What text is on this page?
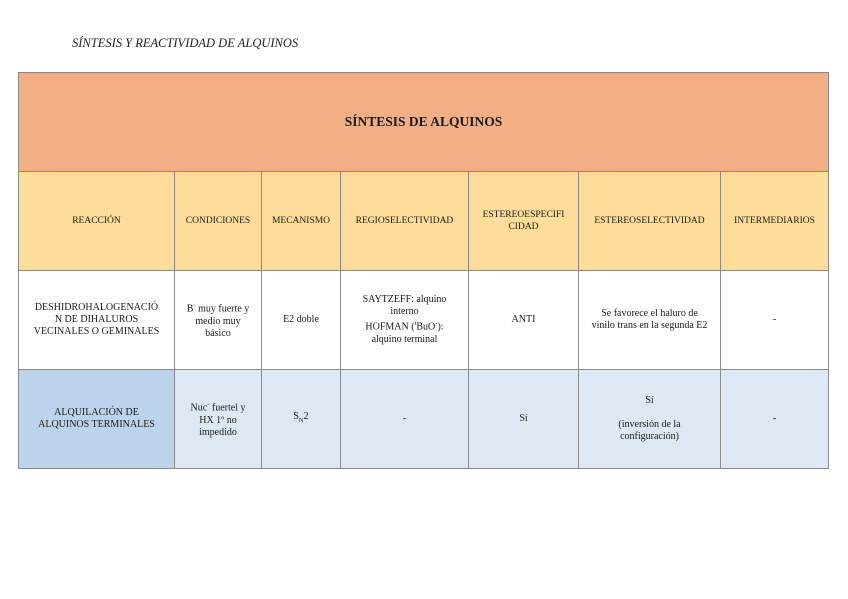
SÍNTESIS Y REACTIVIDAD DE ALQUINOS
SÍNTESIS DE ALQUINOS						
REACCIÓN	CONDICIONES	MECANISMO	REGIOSELECTIVIDAD	ESTEREOESPECIFI
CIDAD	ESTEREOSELECTIVIDAD	INTERMEDIARIOS
DESHIDROHALOGENACIÓ
N DE DIHALUROS
VECINALES O GEMINALES	B- muy fuerte y
medio muy
básico	E2 doble	SAYTZEFF: alquino
interno
HOFMAN ($^t$BuO-):
alquino terminal	ANTI	Se favorece el haluro de
vinilo trans en la segunda E2	-
ALQUILACIÓN DE
ALQUINOS TERMINALES	Nuc- fuertel y
HX 1º no
impedido	$S_N2$	-	Sí	Sí
(inversión de la
configuración)	-
